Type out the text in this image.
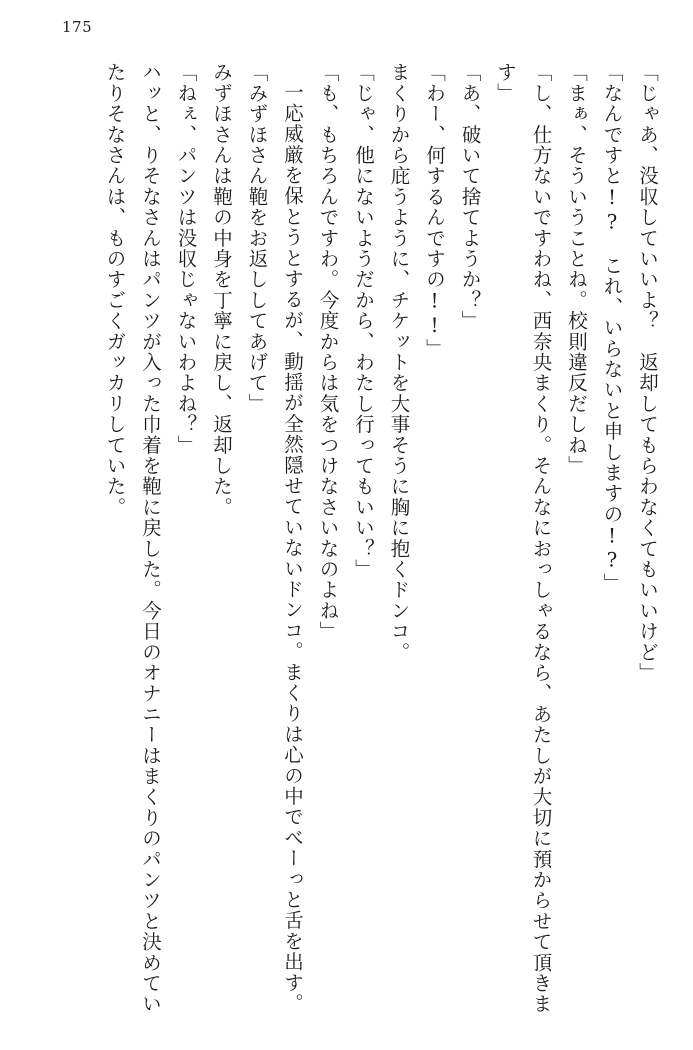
175

「じゃあ、没収していいよ？　返却してもらわなくてもいいけど」

「なんですと!?　これ、いらないと申しますの!?」

「まぁ、そういうことね。校則違反だしね」

「し、仕方ないですわね、西奈央まくり。そんなにおっしゃるなら、あたしが大切に預からせて頂きます」

「あ、破いて捨てようか？」

「わー、何するんですの!!」

まくりから庇うように、チケットを大事そうに胸に抱くドンコ。

「じゃ、他にないようだから、わたし行ってもいい？」

「も、もちろんですわ。今度からは気をつけなさいなのよね」

一応威厳を保とうとするが、動揺が全然隠せていないドンコ。まくりは心の中でべーっと舌を出す。

「みずほさん鞄をお返ししてあげて」

みずほさんは鞄の中身を丁寧に戻し、返却した。

「ねぇ、パンツは没収じゃないわよね？」

ハッと、りそなさんはパンツが入った巾着を鞄に戻した。今日のオナニーはまくりのパンツと決めていたりそなさんは、ものすごくガッカリしていた。
